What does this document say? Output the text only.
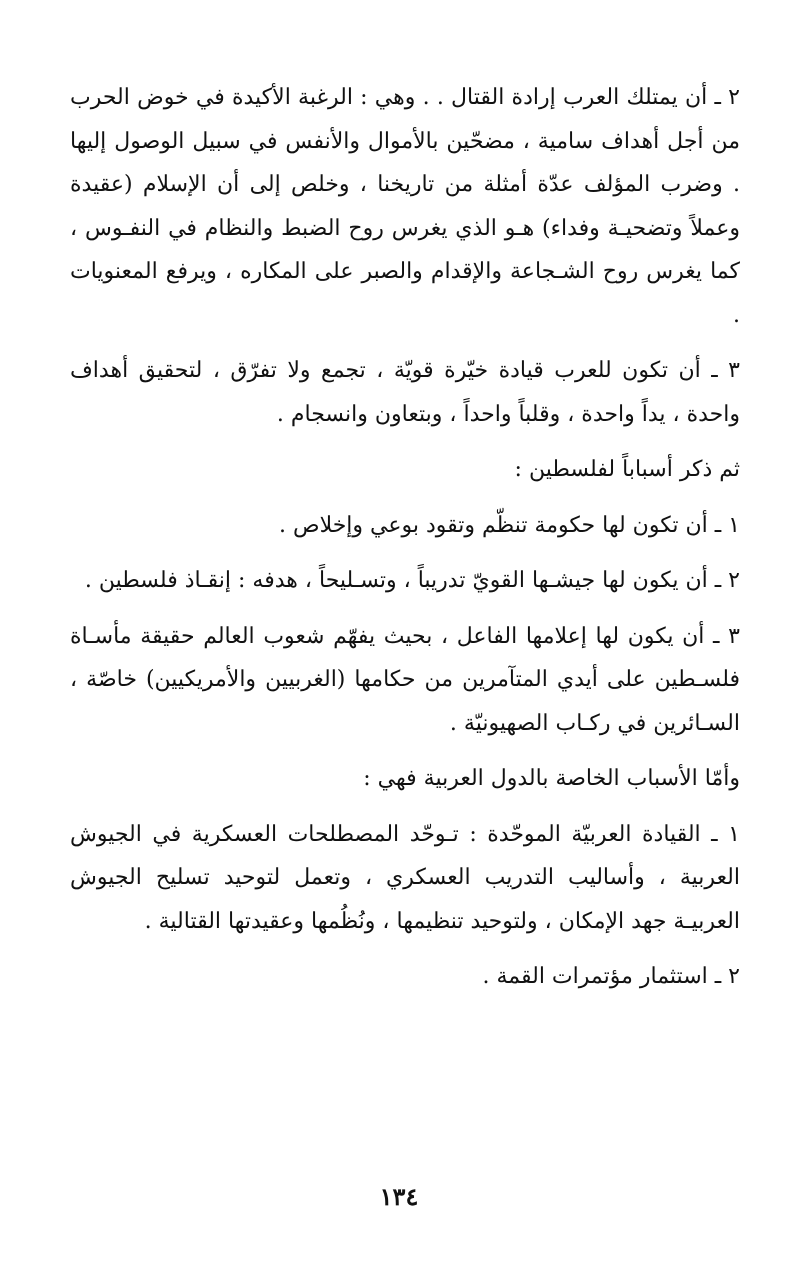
٢ ـ أن يمتلك العرب إرادة القتال . . وهي : الرغبة الأكيدة في خوض الحرب من أجل أهداف سامية ، مضحّين بالأموال والأنفس في سبيل الوصول إليها . وضرب المؤلف عدّة أمثلة من تاريخنا ، وخلص إلى أن الإسلام (عقيدة وعملاً وتضحيـة وفداء) هـو الذي يغرس روح الضبط والنظام في النفـوس ، كما يغرس روح الشـجاعة والإقدام والصبر على المكاره ، ويرفع المعنويات .

٣ ـ أن تكون للعرب قيادة خيّرة قويّة ، تجمع ولا تفرّق ، لتحقيق أهداف واحدة ، يداً واحدة ، وقلباً واحداً ، وبتعاون وانسجام .

ثم ذكر أسباباً لفلسطين :

١ ـ أن تكون لها حكومة تنظّم وتقود بوعي وإخلاص .

٢ ـ أن يكون لها جيشـها القويّ تدريباً ، وتسـليحاً ، هدفه : إنقـاذ فلسطين .

٣ ـ أن يكون لها إعلامها الفاعل ، بحيث يفهّم شعوب العالم حقيقة مأسـاة فلسـطين على أيدي المتآمرين من حكامها (الغربيين والأمريكيين) خاصّة ، السـائرين في ركـاب الصهيونيّة .

وأمّا الأسباب الخاصة بالدول العربية فهي :

١ ـ القيادة العربيّة الموحّدة : تـوحّد المصطلحات العسكرية في الجيوش العربية ، وأساليب التدريب العسكري ، وتعمل لتوحيد تسليح الجيوش العربيـة جهد الإمكان ، ولتوحيد تنظيمها ، ونُظُمها وعقيدتها القتالية .

٢ ـ استثمار مؤتمرات القمة .

١٣٤
